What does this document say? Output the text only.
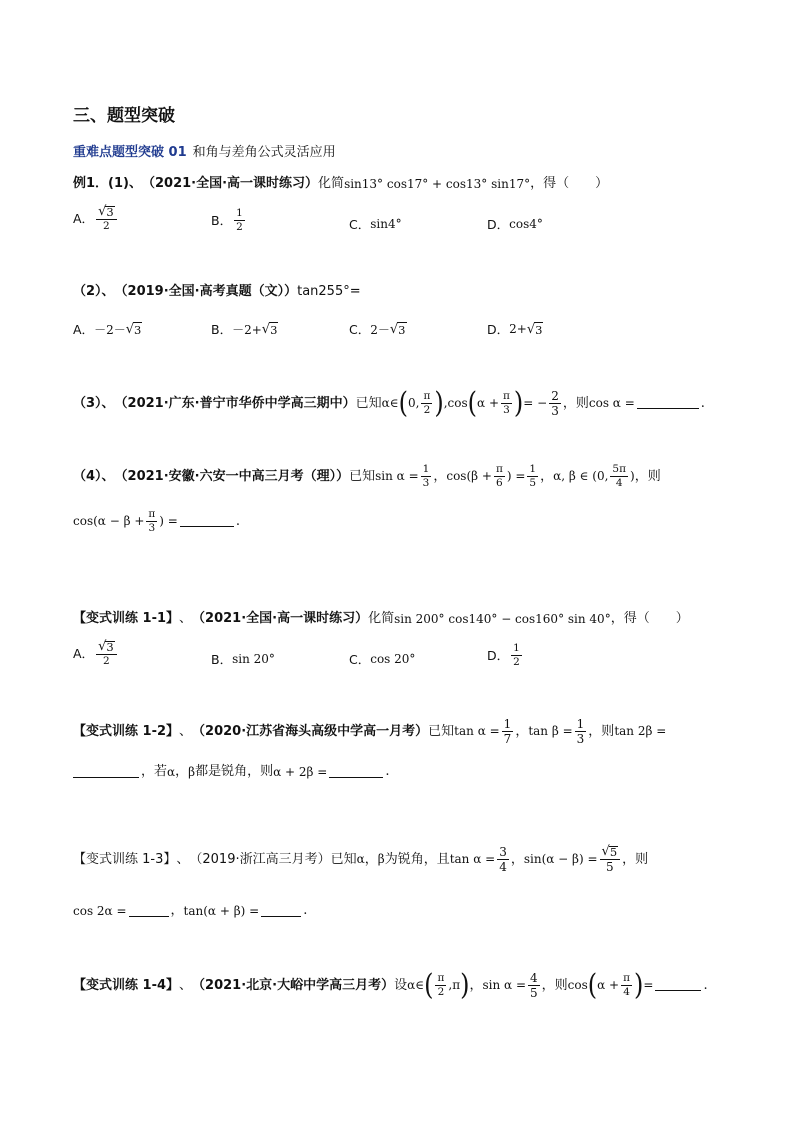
三、题型突破
重难点题型突破 01 和角与差角公式灵活应用
例1．(1)、 （2021·全国·高一课时练习） 化简 sin13° cos17° + cos13° sin17° ，得（　　）
A． $\frac{√ 3}{2}$	B． $\frac{1}{2}$	C． sin4°	D． cos4°
（2）、 （2019·全国·高考真题（文）） tan255°=
A． －2－ √ 3	B． －2+ √ 3	C． 2－ √ 3	D． 2+ √ 3
（3）、 （2021·广东·普宁市华侨中学高三期中） 已知 α∈ ( 0, $\frac{\pi}{2}$ ) ,cos ( $\alpha + \frac{\pi}{3}$ ) = − $\frac{2}{3}$ ，则 cos α =	.
（4）、 （2021·安徽·六安一中高三月考（理）） 已知 $\sin \alpha = \frac{1}{3}$ ， $\cos(\beta + \frac{\pi}{6}$ ) = $\frac{1}{5}$ ， α, β ∈ (0, $\frac{5\pi}{4}$ ) ，则
$\cos(\alpha - \beta + \frac{\pi}{3}$ ) =	.
【变式训练 1-1】 、 （2021·全国·高一课时练习） 化简 sin 200° cos140° − cos160° sin 40° ，得（　　）
A． $\frac{√ 3}{2}$	B． sin 20°	C． cos 20°	D． $\frac{1}{2}$
【变式训练 1-2】 、 （2020·江苏省海头高级中学高一月考） 已知 $\tan \alpha = \frac{1}{7}$ ， $\tan \beta = \frac{1}{3}$ ，则 tan 2β =
，若 α ， β 都是锐角，则 α + 2β =	.
【变式训练 1-3】 、 （2019·浙江高三月考） 已知 α ， β 为锐角，且 $\tan \alpha = \frac{3}{4}$ ， $\sin(\alpha - \beta) = \frac{√ 5}{5}$ ，则
cos 2α =	， tan(α + β) =	.
【变式训练 1-4】 、 （2021·北京·大峪中学高三月考） 设 α∈ ( $\frac{\pi}{2} ,\pi$ ) ， $\sin \alpha = \frac{4}{5}$ ，则 cos ( $\alpha + \frac{\pi}{4}$ ) =	.
